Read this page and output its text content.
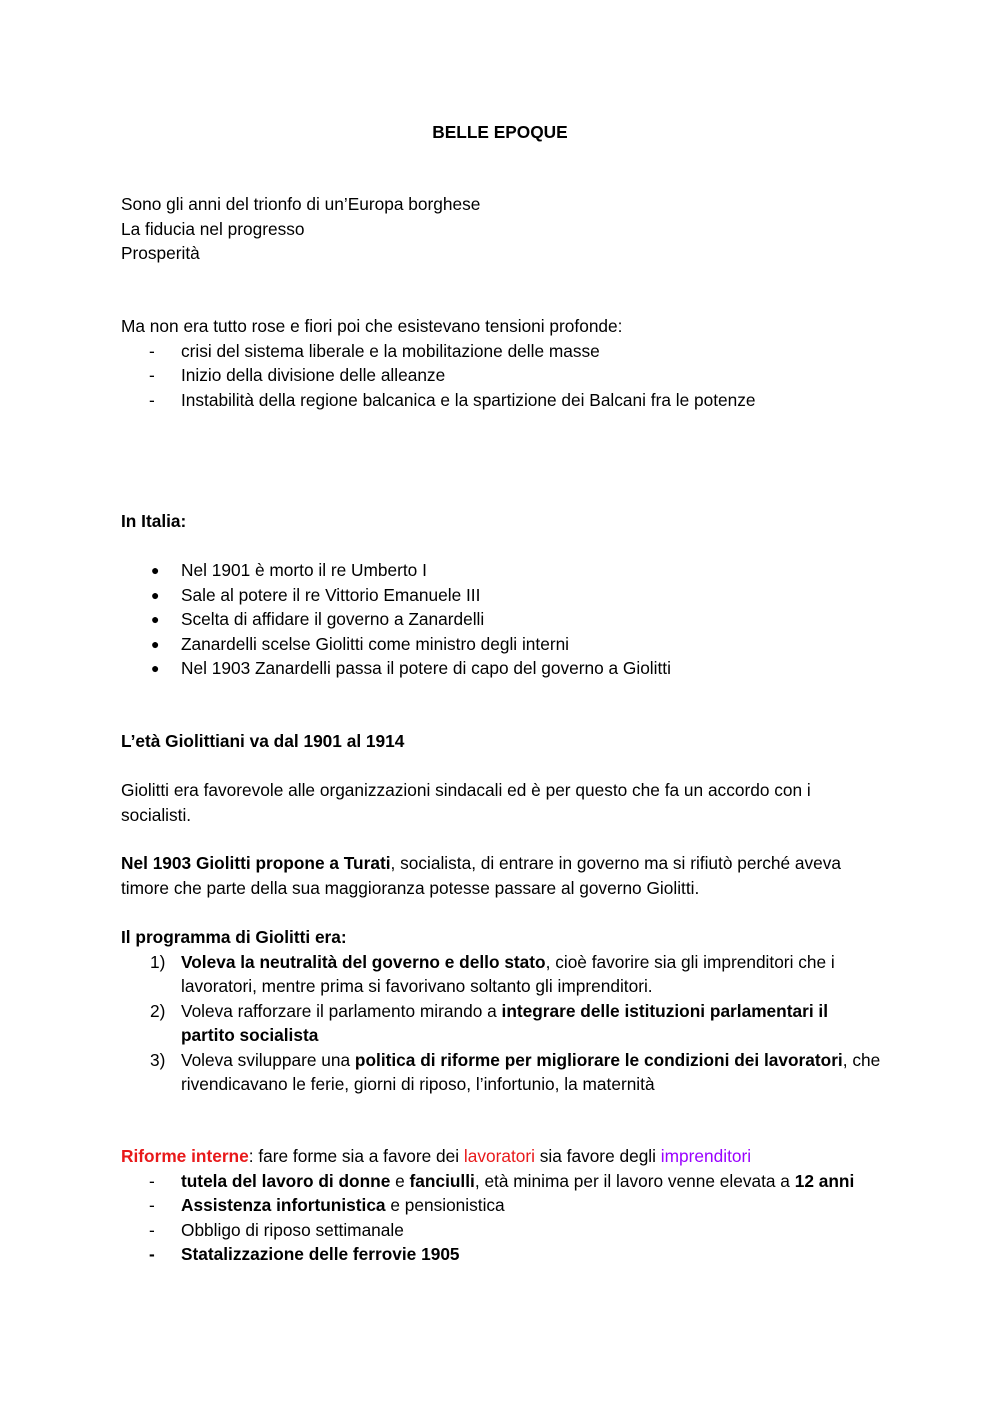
BELLE EPOQUE
Sono gli anni del trionfo di un’Europa borghese
La fiducia nel progresso
Prosperità
Ma non era tutto rose e fiori poi che esistevano tensioni profonde:
-	crisi del sistema liberale e la mobilitazione delle masse
-	Inizio della divisione delle alleanze
-	Instabilità della regione balcanica e la spartizione dei Balcani fra le potenze
In Italia:
●	Nel 1901 è morto il re Umberto I
●	Sale al potere il re Vittorio Emanuele III
●	Scelta di affidare il governo a Zanardelli
●	Zanardelli scelse Giolitti come ministro degli interni
●	Nel 1903 Zanardelli passa il potere di capo del governo a Giolitti
L’età Giolittiani va dal 1901 al 1914
Giolitti era favorevole alle organizzazioni sindacali ed è per questo che fa un accordo con i socialisti.
Nel 1903 Giolitti propone a Turati, socialista, di entrare in governo ma si rifiutò perché aveva timore che parte della sua maggioranza potesse passare al governo Giolitti.
Il programma di Giolitti era:
1) Voleva la neutralità del governo e dello stato, cioè favorire sia gli imprenditori che i lavoratori, mentre prima si favorivano soltanto gli imprenditori.
2) Voleva rafforzare il parlamento mirando a integrare delle istituzioni parlamentari il partito socialista
3) Voleva sviluppare una politica di riforme per migliorare le condizioni dei lavoratori, che rivendicavano le ferie, giorni di riposo, l’infortunio, la maternità
Riforme interne: fare forme sia a favore dei lavoratori sia favore degli imprenditori
-	tutela del lavoro di donne e fanciulli, età minima per il lavoro venne elevata a 12 anni
-	Assistenza infortunistica e pensionistica
-	Obbligo di riposo settimanale
-	Statalizzazione delle ferrovie 1905
